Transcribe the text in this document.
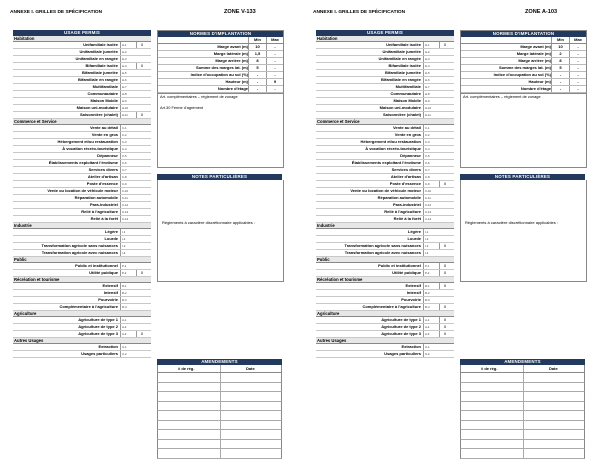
ANNEXE I. GRILLES DE SPÉCIFICATION	ZONE V-133
USAGE PERMIS
Habitation
Unifamiliale isolée	H-1	x
Unifamiliale jumelée	H-2
Unifamiliale en rangée	H-3
Bifamiliale isolée	H-4	x
Bifamiliale jumelée	H-5
Bifamiliale en rangée	H-6
Multifamiliale	H-7
Communautaire	H-8
Maison Mobile	H-9
Maison uni-modulaire	H-10
Saisonnière (chalet)	H-11	x
Commerce et Service
Vente au détail	C-1
Vente en gros	C-2
Hébergement et/ou restauration	C-3
À vocation récréo-touristique	C-4
Dépanneur	C-5
Établissements exploitant l'érotisme	C-6
Services divers	C-7
Atelier d'artisan	C-8
Poste d'essence	C-9
Vente ou location de véhicule moteur	C-10
Réparation automobile	C-11
Para-industriel	C-12
Relié à l'agriculture	C-13
Relié à la forêt	C-14
Industrie
Légère	I-1
Lourde	I-2
Transformation agricole sans nuisances	I-3
Transformation agricole avec nuisances	I-4
Public
Public et institutionnel	P-1
Utilité publique	P-2	x
Récréation et tourisme
Extensif	R-1
Intensif	R-2
Pourvoirie	R-3
Complémentaire à l'agriculture	R-4
Agriculture
Agriculture de type 1	A-1
Agriculture de type 2	A-2
Agriculture de type 3	A-3	x
Autres Usages
Extraction	U-1
Usages particuliers	U-2
NORMES D'IMPLANTATION
Min	Max
Marge avant (m)	10	-
Marge latérale (m)	1,5	-
Marge arrière (m)	8	-
Somme des marges lat. (m)	5	-
Indice d'occupation au sol (%)	-	-
Hauteur (m)	-	9
Nombre d'étage	-	-
Art. complémentaires – règlement de zonage
Art.30 Ferme d'agrément
NOTES PARTICULIÈRES
Règlements à caractère discrétionnaire applicables :
AMENDEMENTS
# de règ.	Date
ANNEXE I. GRILLES DE SPÉCIFICATION	ZONE A-103
USAGE PERMIS
Habitation
Unifamiliale isolée	H-1	x
Unifamiliale jumelée	H-2
Unifamiliale en rangée	H-3
Bifamiliale isolée	H-4
Bifamiliale jumelée	H-5
Bifamiliale en rangée	H-6
Multifamiliale	H-7
Communautaire	H-8
Maison Mobile	H-9
Maison uni-modulaire	H-10
Saisonnière (chalet)	H-11
Commerce et Service
Vente au détail	C-1
Vente en gros	C-2
Hébergement et/ou restauration	C-3
À vocation récréo-touristique	C-4
Dépanneur	C-5
Établissements exploitant l'érotisme	C-6
Services divers	C-7
Atelier d'artisan	C-8
Poste d'essence	C-9	x
Vente ou location de véhicule moteur	C-10
Réparation automobile	C-11
Para-industriel	C-12
Relié à l'agriculture	C-13
Relié à la forêt	C-14
Industrie
Légère	I-1
Lourde	I-2
Transformation agricole sans nuisances	I-3	x
Transformation agricole avec nuisances	I-4
Public
Public et institutionnel	P-1	x
Utilité publique	P-2	x
Récréation et tourisme
Extensif	R-1	x
Intensif	R-2
Pourvoirie	R-3
Complémentaire à l'agriculture	R-4	x
Agriculture
Agriculture de type 1	A-1	x
Agriculture de type 2	A-2	x
Agriculture de type 3	A-3	x
Autres Usages
Extraction	U-1
Usages particuliers	U-2
NORMES D'IMPLANTATION
Min	Max
Marge avant (m)	10	-
Marge latérale (m)	2	-
Marge arrière (m)	8	-
Somme des marges lat. (m)	5	-
Indice d'occupation au sol (%)	-	-
Hauteur (m)	-	-
Nombre d'étage	-	-
Art. complémentaires – règlement de zonage
NOTES PARTICULIÈRES
Règlements à caractère discrétionnaire applicables :
AMENDEMENTS
# de règ.	Date
